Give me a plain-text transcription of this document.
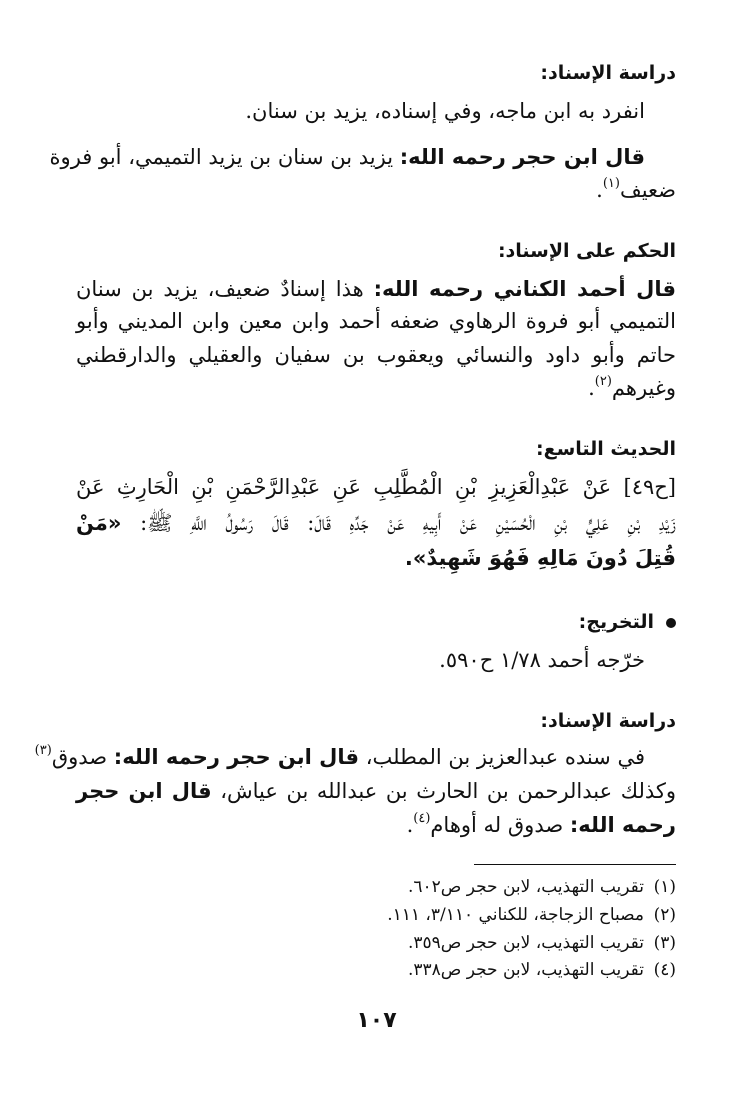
دراسة الإسناد:
انفرد به ابن ماجه، وفي إسناده، يزيد بن سنان.
قال ابن حجر رحمه الله: يزيد بن سنان بن يزيد التميمي، أبو فروة
ضعيف$^{(١)}$.
الحكم على الإسناد:
قال أحمد الكناني رحمه الله: هذا إسنادٌ ضعيف، يزيد بن سنان
التميمي أبو فروة الرهاوي ضعفه أحمد وابن معين وابن المديني وأبو
حاتم وأبو داود والنسائي ويعقوب بن سفيان والعقيلي والدارقطني
وغيرهم$^{(٢)}$.
الحديث التاسع:
[ح٤٩] عَنْ عَبْدِالْعَزِيزِ بْنِ الْمُطَّلِبِ عَنِ عَبْدِالرَّحْمَنِ بْنِ الْحَارِثِ عَنْ
زَيْدِ بْنِ عَلِيٍّ بْنِ الْحُسَيْنِ عَنْ أَبِيهِ عَنْ جَدِّهِ قَالَ: قَالَ رَسُولُ اللَّهِ ﷺ: «مَنْ
قُتِلَ دُونَ مَالِهِ فَهُوَ شَهِيدٌ».
التخريج:
خرّجه أحمد ١/٧٨ ح٥٩٠.
دراسة الإسناد:
في سنده عبدالعزيز بن المطلب، قال ابن حجر رحمه الله: صدوق$^{(٣)}$
وكذلك عبدالرحمن بن الحارث بن عبدالله بن عياش، قال ابن حجر
رحمه الله: صدوق له أوهام$^{(٤)}$.
(١)تقريب التهذيب، لابن حجر ص٦٠٢.
(٢)مصباح الزجاجة، للكناني ٣/١١٠، ١١١.
(٣)تقريب التهذيب، لابن حجر ص٣٥٩.
(٤)تقريب التهذيب، لابن حجر ص٣٣٨.
١٠٧
